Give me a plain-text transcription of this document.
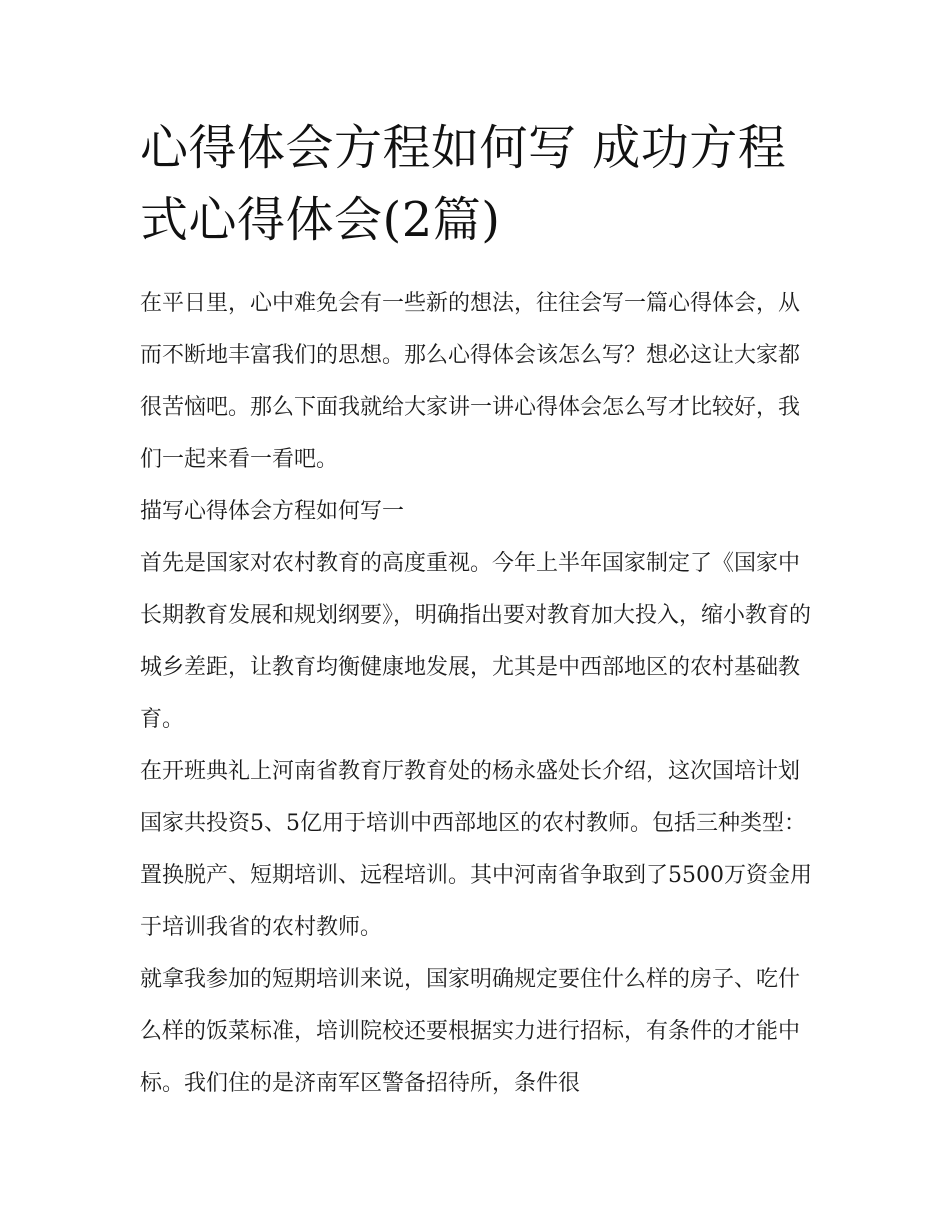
心得体会方程如何写 成功方程式心得体会(2篇)

在平日里，心中难免会有一些新的想法，往往会写一篇心得体会，从而不断地丰富我们的思想。那么心得体会该怎么写？想必这让大家都很苦恼吧。那么下面我就给大家讲一讲心得体会怎么写才比较好，我们一起来看一看吧。

描写心得体会方程如何写一

首先是国家对农村教育的高度重视。今年上半年国家制定了《国家中长期教育发展和规划纲要》，明确指出要对教育加大投入，缩小教育的城乡差距，让教育均衡健康地发展，尤其是中西部地区的农村基础教育。

在开班典礼上河南省教育厅教育处的杨永盛处长介绍，这次国培计划国家共投资5、5亿用于培训中西部地区的农村教师。包括三种类型：置换脱产、短期培训、远程培训。其中河南省争取到了5500万资金用于培训我省的农村教师。

就拿我参加的短期培训来说，国家明确规定要住什么样的房子、吃什么样的饭菜标准，培训院校还要根据实力进行招标，有条件的才能中标。我们住的是济南军区警备招待所，条件很
